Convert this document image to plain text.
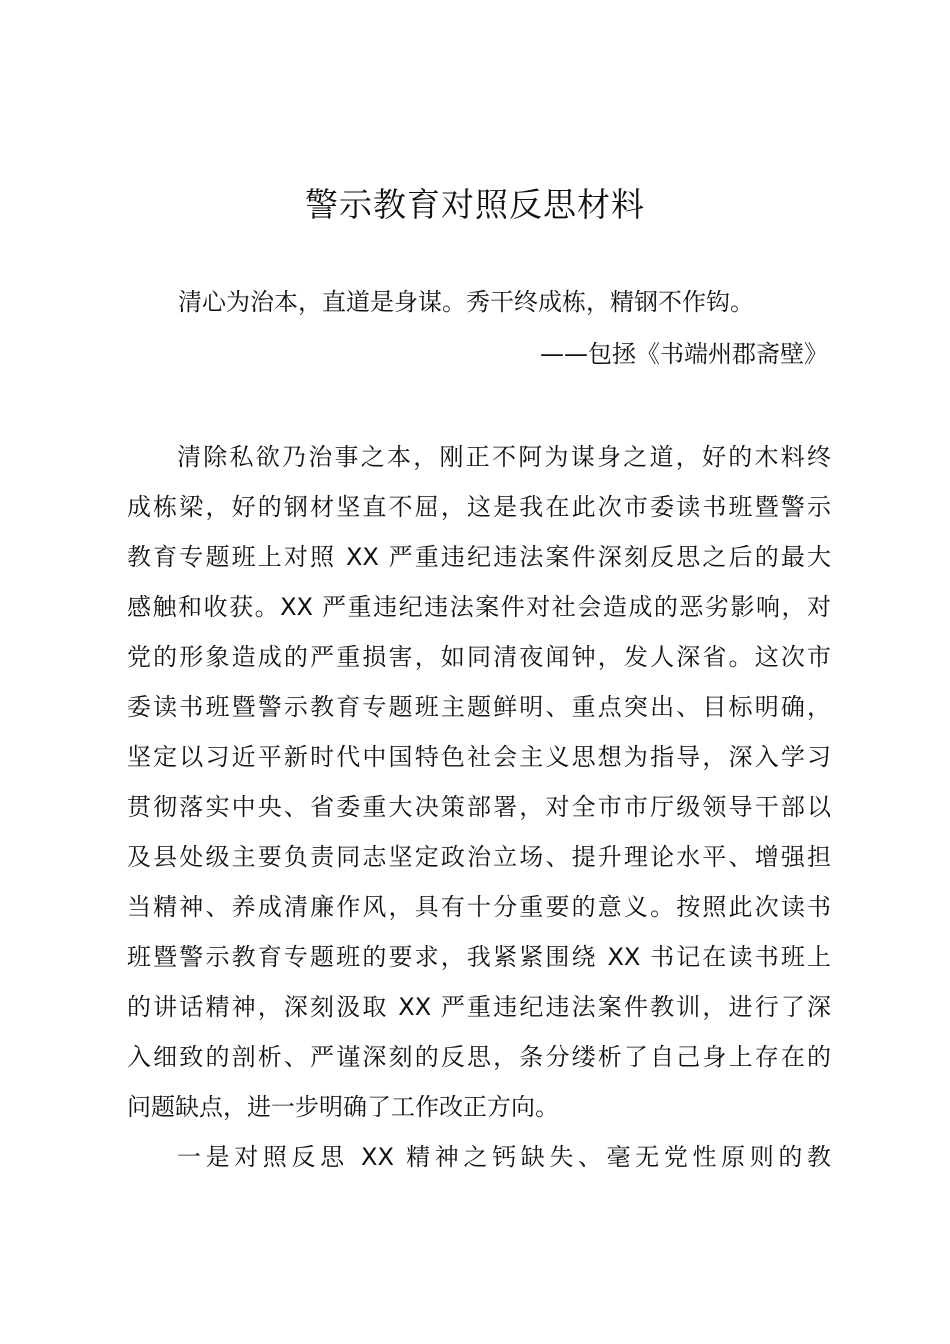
警示教育对照反思材料
清心为治本，直道是身谋。秀干终成栋，精钢不作钩。
——包拯《书端州郡斋壁》
清除私欲乃治事之本，刚正不阿为谋身之道，好的木料终
成栋梁，好的钢材坚直不屈，这是我在此次市委读书班暨警示
教育专题班上对照 XX 严重违纪违法案件深刻反思之后的最大
感触和收获。XX 严重违纪违法案件对社会造成的恶劣影响，对
党的形象造成的严重损害，如同清夜闻钟，发人深省。这次市
委读书班暨警示教育专题班主题鲜明、重点突出、目标明确，
坚定以习近平新时代中国特色社会主义思想为指导，深入学习
贯彻落实中央、省委重大决策部署，对全市市厅级领导干部以
及县处级主要负责同志坚定政治立场、提升理论水平、增强担
当精神、养成清廉作风，具有十分重要的意义。按照此次读书
班暨警示教育专题班的要求，我紧紧围绕 XX 书记在读书班上
的讲话精神，深刻汲取 XX 严重违纪违法案件教训，进行了深
入细致的剖析、严谨深刻的反思，条分缕析了自己身上存在的
问题缺点，进一步明确了工作改正方向。
一是对照反思 XX 精神之钙缺失、毫无党性原则的教
